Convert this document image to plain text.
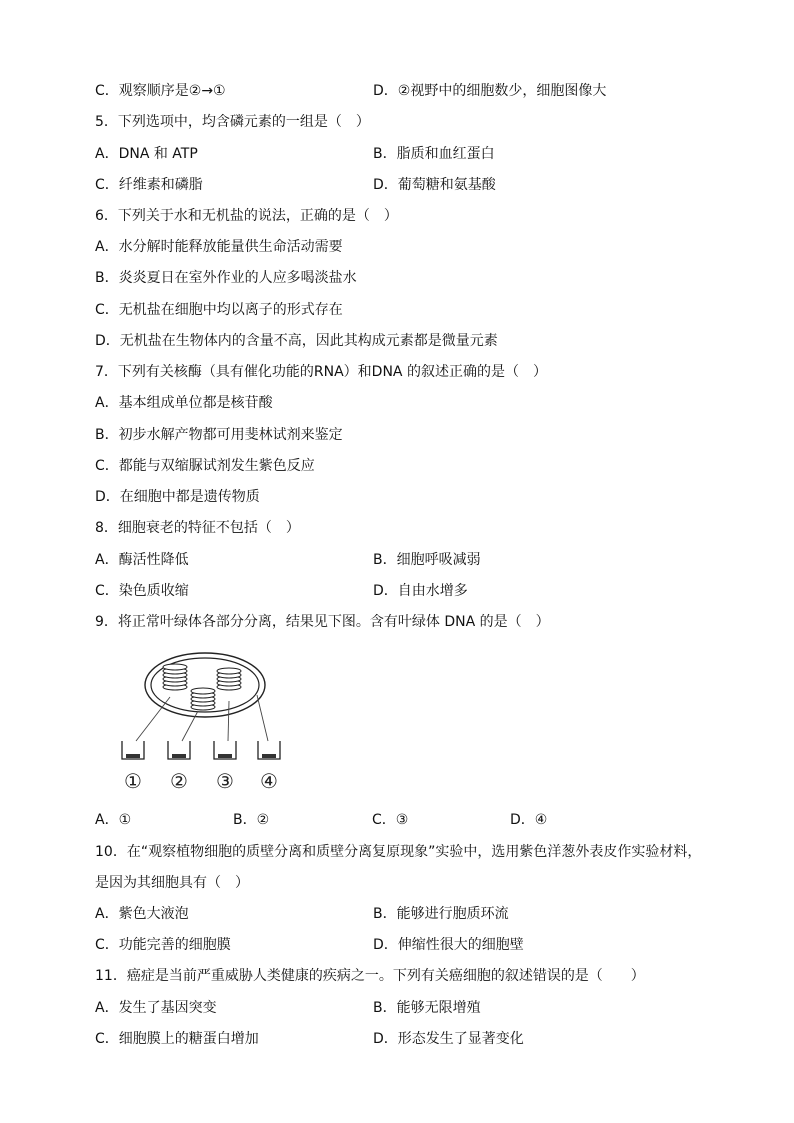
C．观察顺序是②→①	D．②视野中的细胞数少，细胞图像大
5．下列选项中，均含磷元素的一组是（　）
A．DNA 和 ATP	B．脂质和血红蛋白
C．纤维素和磷脂	D．葡萄糖和氨基酸
6．下列关于水和无机盐的说法，正确的是（　）
A．水分解时能释放能量供生命活动需要
B．炎炎夏日在室外作业的人应多喝淡盐水
C．无机盐在细胞中均以离子的形式存在
D．无机盐在生物体内的含量不高，因此其构成元素都是微量元素
7．下列有关核酶（具有催化功能的RNA）和DNA 的叙述正确的是（　）
A．基本组成单位都是核苷酸
B．初步水解产物都可用斐林试剂来鉴定
C．都能与双缩脲试剂发生紫色反应
D．在细胞中都是遗传物质
8．细胞衰老的特征不包括（　）
A．酶活性降低	B．细胞呼吸减弱
C．染色质收缩	D．自由水增多
9．将正常叶绿体各部分分离，结果见下图。含有叶绿体 DNA 的是（　）
① ② ③ ④
A．①	B．②	C．③	D．④
10．在“观察植物细胞的质壁分离和质壁分离复原现象”实验中，选用紫色洋葱外表皮作实验材料，
是因为其细胞具有（　）
A．紫色大液泡	B．能够进行胞质环流
C．功能完善的细胞膜	D．伸缩性很大的细胞壁
11．癌症是当前严重威胁人类健康的疾病之一。下列有关癌细胞的叙述错误的是（　　）
A．发生了基因突变	B．能够无限增殖
C．细胞膜上的糖蛋白增加	D．形态发生了显著变化
